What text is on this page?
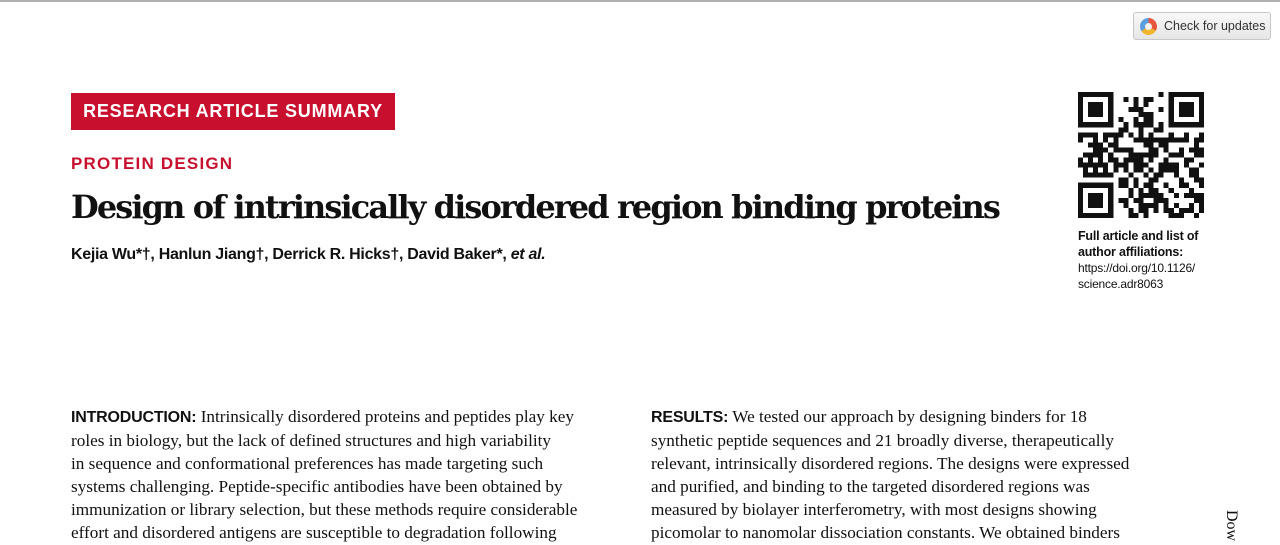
Check for updates
RESEARCH ARTICLE SUMMARY
PROTEIN DESIGN
Design of intrinsically disordered region binding proteins
Kejia Wu*†, Hanlun Jiang†, Derrick R. Hicks†, David Baker*, et al.
Full article and list of
author affiliations:
https://doi.org/10.1126/
science.adr8063
INTRODUCTION: Intrinsically disordered proteins and peptides play key
roles in biology, but the lack of defined structures and high variability
in sequence and conformational preferences has made targeting such
systems challenging. Peptide-specific antibodies have been obtained by
immunization or library selection, but these methods require considerable
effort and disordered antigens are susceptible to degradation following
RESULTS: We tested our approach by designing binders for 18
synthetic peptide sequences and 21 broadly diverse, therapeutically
relevant, intrinsically disordered regions. The designs were expressed
and purified, and binding to the targeted disordered regions was
measured by biolayer interferometry, with most designs showing
picomolar to nanomolar dissociation constants. We obtained binders	Dow
